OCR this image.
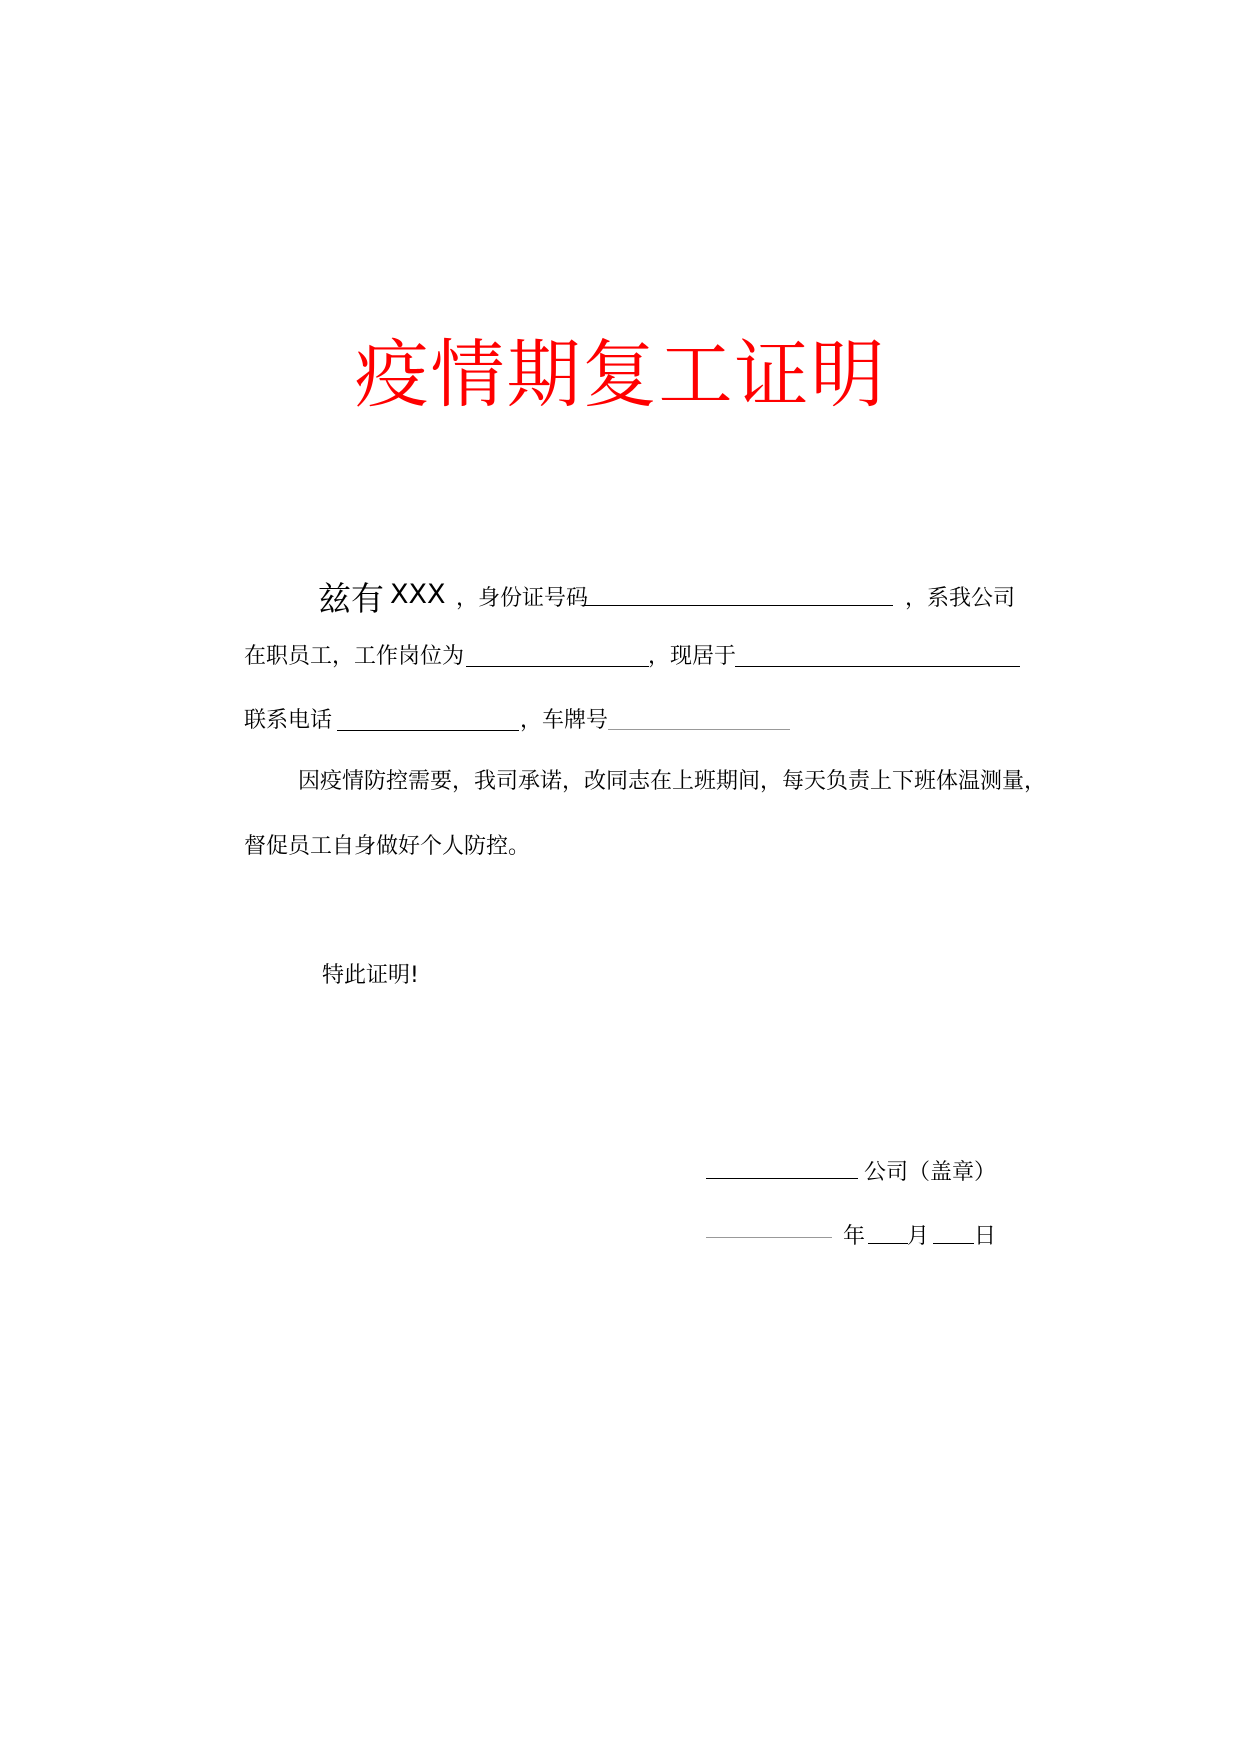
疫情期复工证明
兹有 XXX ，身份证号码	，系我公司
在职员工，工作岗位为	，现居于
联系电话	，车牌号
因疫情防控需要，我司承诺，改同志在上班期间，每天负责上下班体温测量，
督促员工自身做好个人防控。
特此证明!
公司（盖章）
年 月 日
